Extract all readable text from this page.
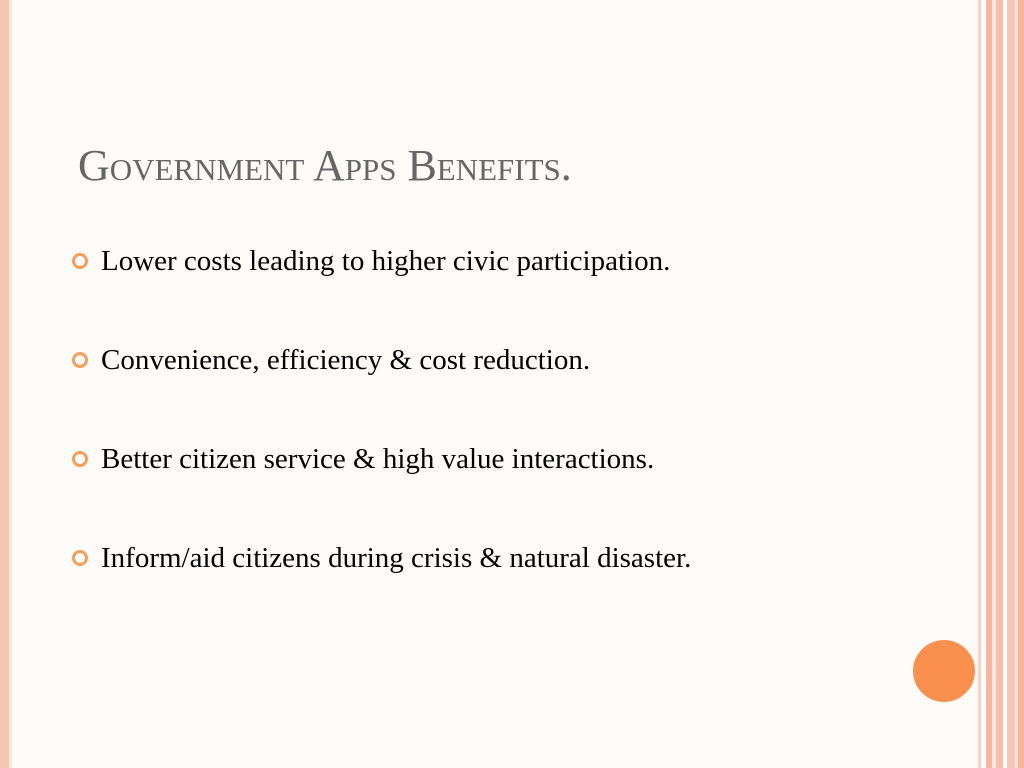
Government Apps Benefits.
Lower costs leading to higher civic participation.
Convenience, efficiency & cost reduction.
Better citizen service & high value interactions.
Inform/aid citizens during crisis & natural disaster.
